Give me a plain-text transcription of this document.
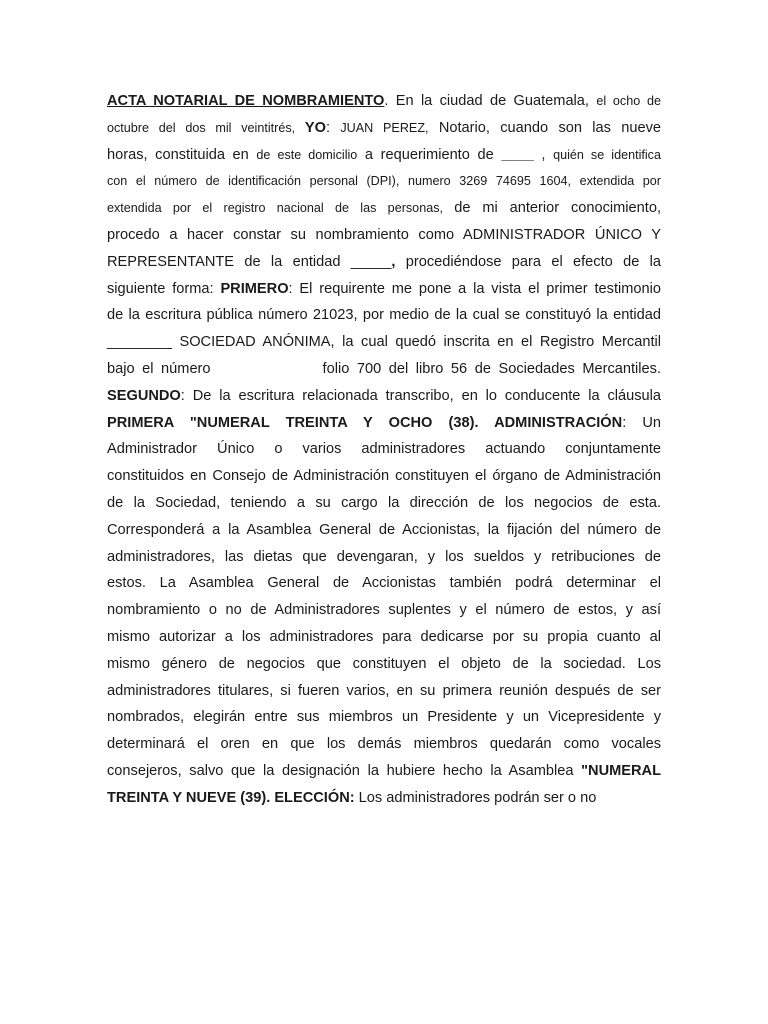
ACTA NOTARIAL DE NOMBRAMIENTO. En la ciudad de Guatemala, el ocho de
octubre del dos mil veintitrés, YO: JUAN PEREZ, Notario, cuando son las nueve
horas, constituida en de este domicilio a requerimiento de ____ , quién se identifica
con el número de identificación personal (DPI), numero 3269 74695 1604, extendida por
extendida por el registro nacional de las personas, de mi anterior conocimiento,
procedo a hacer constar su nombramiento como ADMINISTRADOR ÚNICO Y
REPRESENTANTE de la entidad _____, procediéndose para el efecto de la
siguiente forma: PRIMERO: El requirente me pone a la vista el primer testimonio
de la escritura pública número 21023, por medio de la cual se constituyó la entidad
________ SOCIEDAD ANÓNIMA, la cual quedó inscrita en el Registro Mercantil
bajo el número	folio 700 del libro 56 de Sociedades Mercantiles.
SEGUNDO: De la escritura relacionada transcribo, en lo conducente la cláusula
PRIMERA "NUMERAL TREINTA Y OCHO (38). ADMINISTRACIÓN: Un
Administrador Único o varios administradores actuando conjuntamente
constituidos en Consejo de Administración constituyen el órgano de Administración
de la Sociedad, teniendo a su cargo la dirección de los negocios de esta.
Corresponderá a la Asamblea General de Accionistas, la fijación del número de
administradores, las dietas que devengaran, y los sueldos y retribuciones de
estos. La Asamblea General de Accionistas también podrá determinar el
nombramiento o no de Administradores suplentes y el número de estos, y así
mismo autorizar a los administradores para dedicarse por su propia cuanto al
mismo género de negocios que constituyen el objeto de la sociedad. Los
administradores titulares, si fueren varios, en su primera reunión después de ser
nombrados, elegirán entre sus miembros un Presidente y un Vicepresidente y
determinará el oren en que los demás miembros quedarán como vocales
consejeros, salvo que la designación la hubiere hecho la Asamblea "NUMERAL
TREINTA Y NUEVE (39). ELECCIÓN: Los administradores podrán ser o no
